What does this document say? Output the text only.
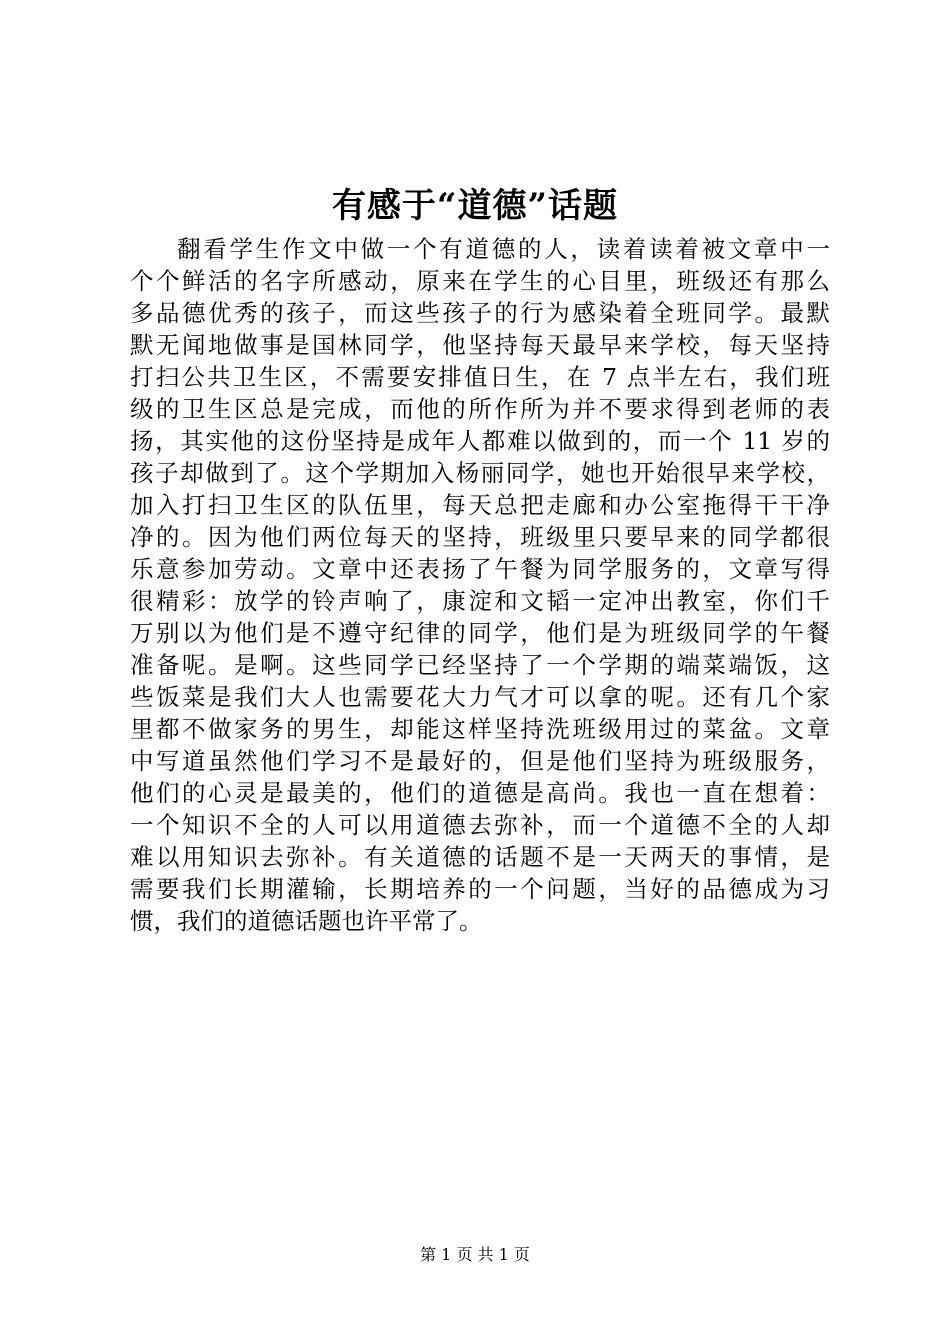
有感于“道德”话题
翻看学生作文中做一个有道德的人，读着读着被文章中一
个个鲜活的名字所感动，原来在学生的心目里，班级还有那么
多品德优秀的孩子，而这些孩子的行为感染着全班同学。最默
默无闻地做事是国林同学，他坚持每天最早来学校，每天坚持
打扫公共卫生区，不需要安排值日生，在 7 点半左右，我们班
级的卫生区总是完成，而他的所作所为并不要求得到老师的表
扬，其实他的这份坚持是成年人都难以做到的，而一个 11 岁的
孩子却做到了。这个学期加入杨丽同学，她也开始很早来学校，
加入打扫卫生区的队伍里，每天总把走廊和办公室拖得干干净
净的。因为他们两位每天的坚持，班级里只要早来的同学都很
乐意参加劳动。文章中还表扬了午餐为同学服务的，文章写得
很精彩：放学的铃声响了，康淀和文韬一定冲出教室，你们千
万别以为他们是不遵守纪律的同学，他们是为班级同学的午餐
准备呢。是啊。这些同学已经坚持了一个学期的端菜端饭，这
些饭菜是我们大人也需要花大力气才可以拿的呢。还有几个家
里都不做家务的男生，却能这样坚持洗班级用过的菜盆。文章
中写道虽然他们学习不是最好的，但是他们坚持为班级服务，
他们的心灵是最美的，他们的道德是高尚。我也一直在想着：
一个知识不全的人可以用道德去弥补，而一个道德不全的人却
难以用知识去弥补。有关道德的话题不是一天两天的事情，是
需要我们长期灌输，长期培养的一个问题，当好的品德成为习
惯，我们的道德话题也许平常了。
第 1 页 共 1 页
